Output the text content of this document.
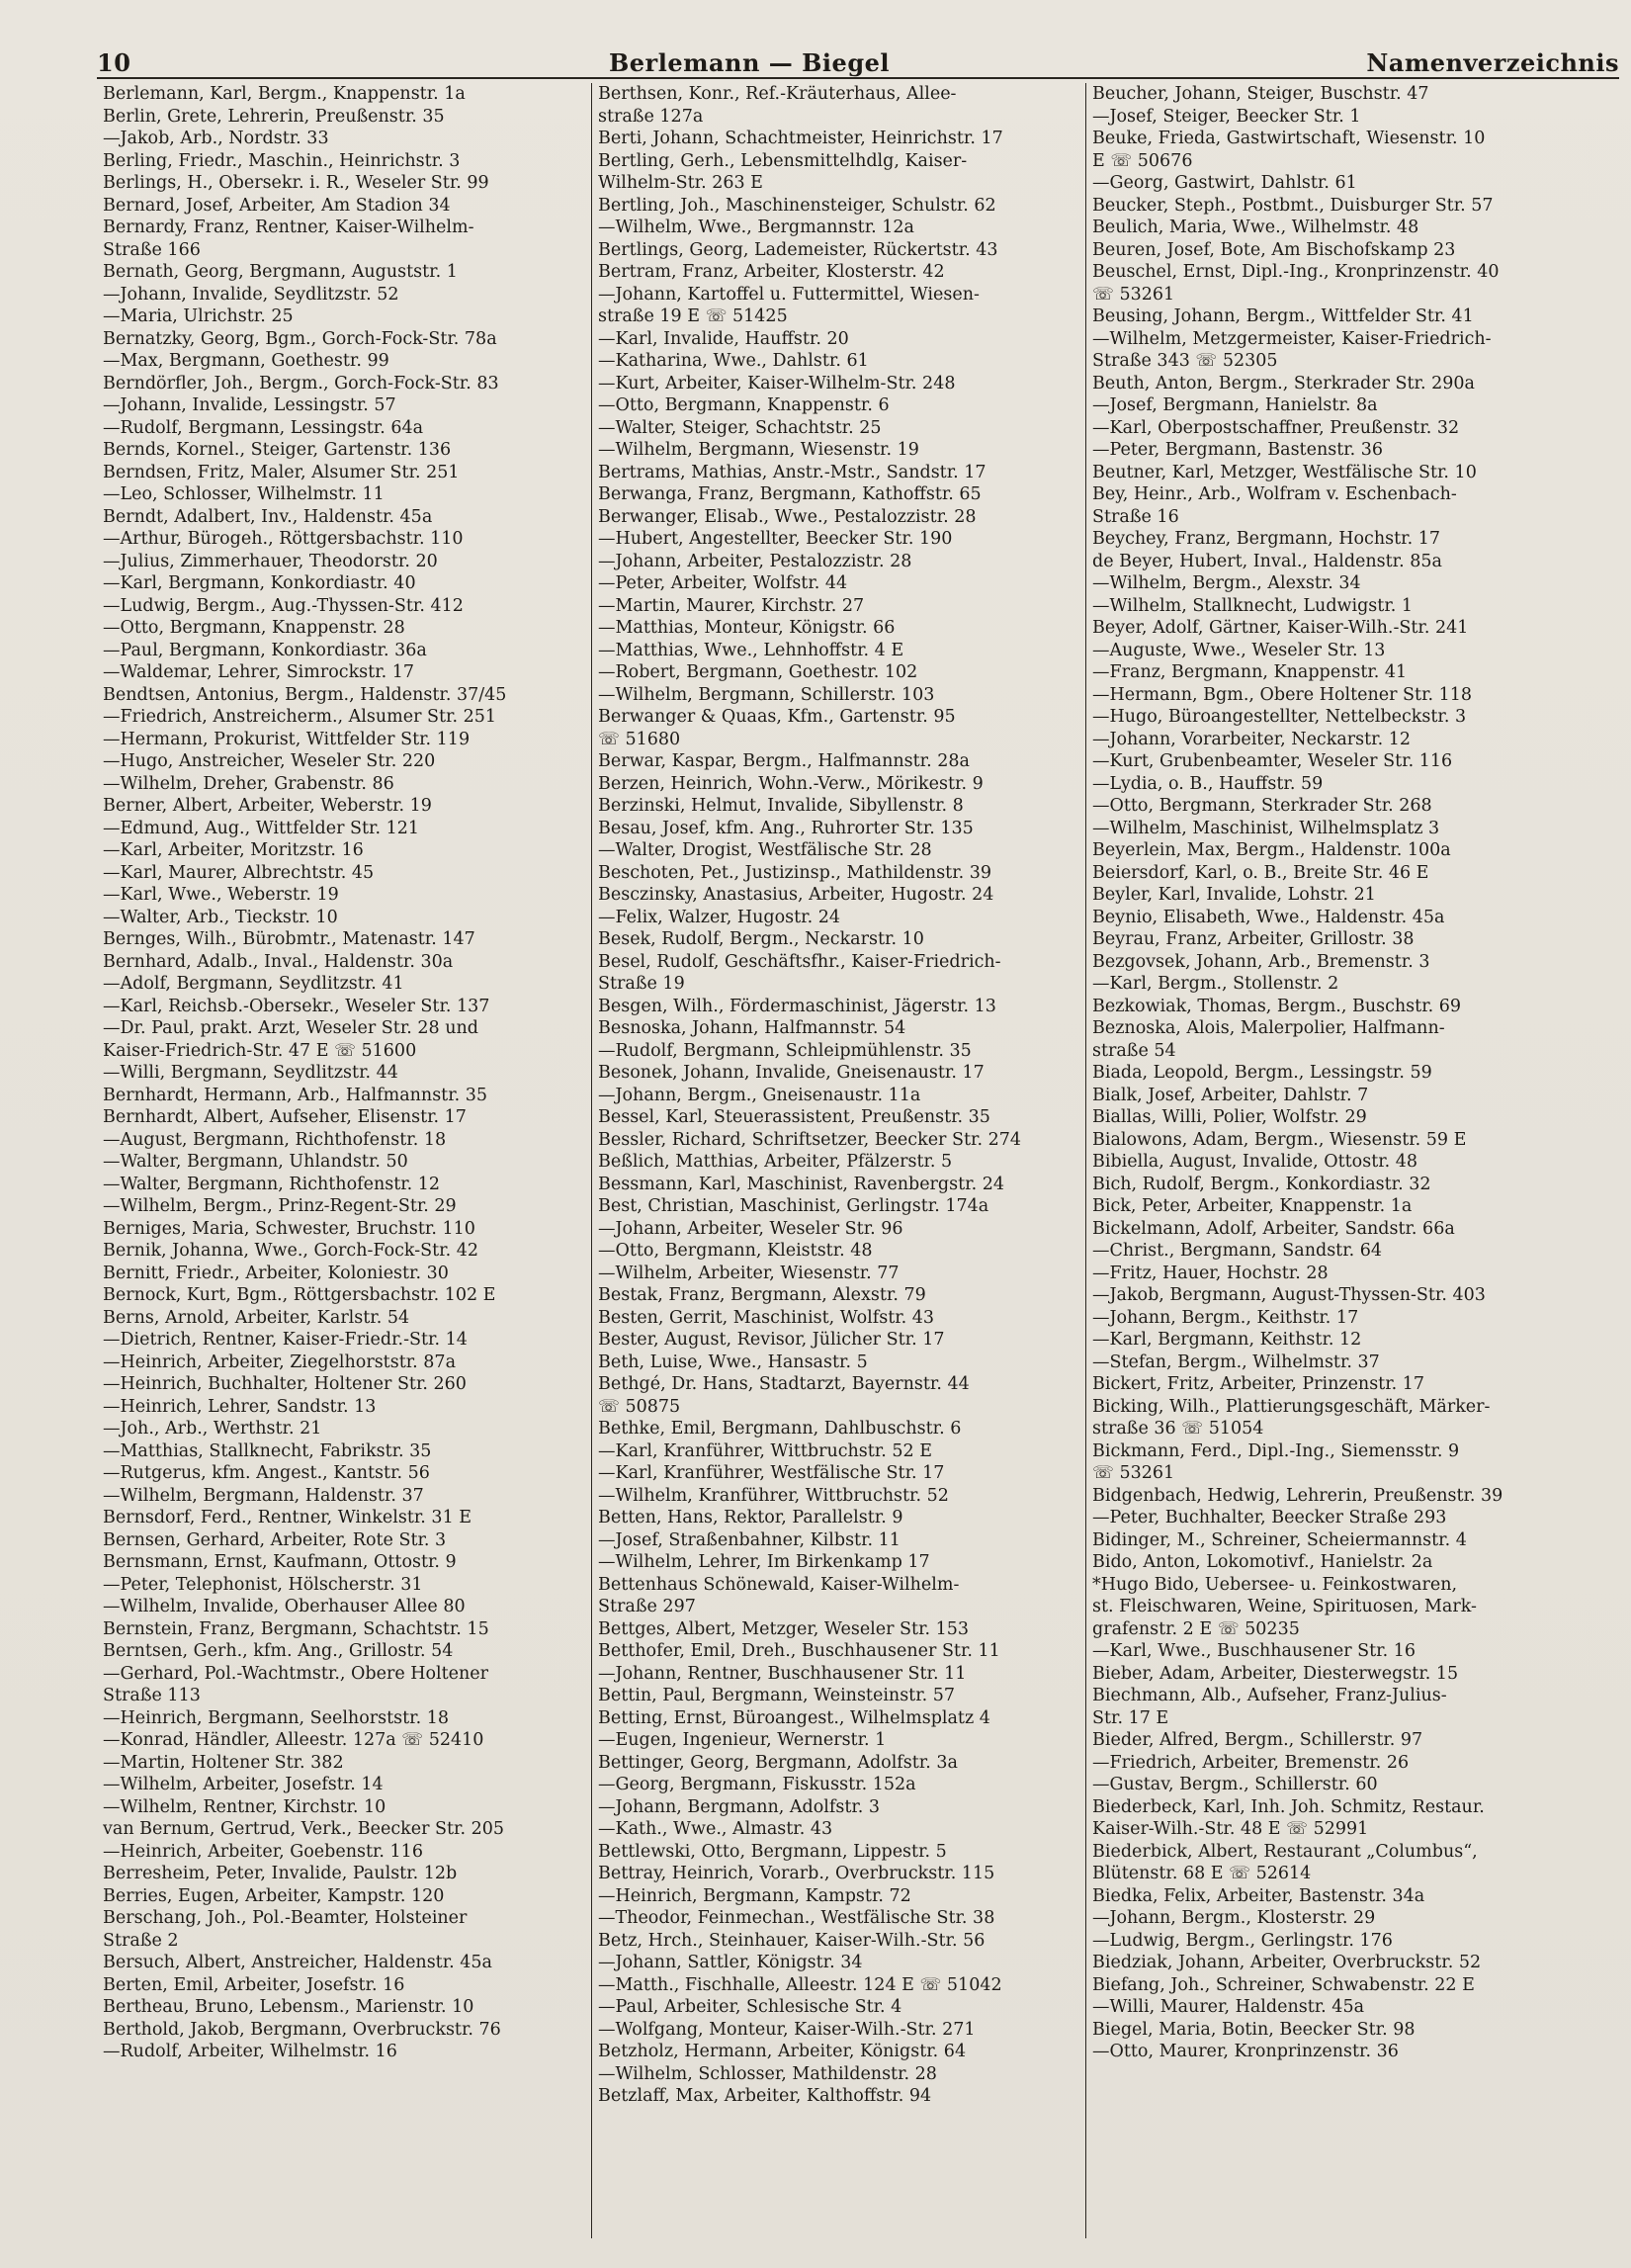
10	Berlemann — Biegel	Namenverzeichnis
Berlemann, Karl, Bergm., Knappenstr. 1a
Berlin, Grete, Lehrerin, Preußenstr. 35
—Jakob, Arb., Nordstr. 33
Berling, Friedr., Maschin., Heinrichstr. 3
Berlings, H., Obersekr. i. R., Weseler Str. 99
Bernard, Josef, Arbeiter, Am Stadion 34
Bernardy, Franz, Rentner, Kaiser-Wilhelm-
Straße 166
Bernath, Georg, Bergmann, Auguststr. 1
—Johann, Invalide, Seydlitzstr. 52
—Maria, Ulrichstr. 25
Bernatzky, Georg, Bgm., Gorch-Fock-Str. 78a
—Max, Bergmann, Goethestr. 99
Berndörfler, Joh., Bergm., Gorch-Fock-Str. 83
—Johann, Invalide, Lessingstr. 57
—Rudolf, Bergmann, Lessingstr. 64a
Bernds, Kornel., Steiger, Gartenstr. 136
Berndsen, Fritz, Maler, Alsumer Str. 251
—Leo, Schlosser, Wilhelmstr. 11
Berndt, Adalbert, Inv., Haldenstr. 45a
—Arthur, Bürogeh., Röttgersbachstr. 110
—Julius, Zimmerhauer, Theodorstr. 20
—Karl, Bergmann, Konkordiastr. 40
—Ludwig, Bergm., Aug.-Thyssen-Str. 412
—Otto, Bergmann, Knappenstr. 28
—Paul, Bergmann, Konkordiastr. 36a
—Waldemar, Lehrer, Simrockstr. 17
Bendtsen, Antonius, Bergm., Haldenstr. 37/45
—Friedrich, Anstreicherm., Alsumer Str. 251
—Hermann, Prokurist, Wittfelder Str. 119
—Hugo, Anstreicher, Weseler Str. 220
—Wilhelm, Dreher, Grabenstr. 86
Berner, Albert, Arbeiter, Weberstr. 19
—Edmund, Aug., Wittfelder Str. 121
—Karl, Arbeiter, Moritzstr. 16
—Karl, Maurer, Albrechtstr. 45
—Karl, Wwe., Weberstr. 19
—Walter, Arb., Tieckstr. 10
Bernges, Wilh., Bürobmtr., Matenastr. 147
Bernhard, Adalb., Inval., Haldenstr. 30a
—Adolf, Bergmann, Seydlitzstr. 41
—Karl, Reichsb.-Obersekr., Weseler Str. 137
—Dr. Paul, prakt. Arzt, Weseler Str. 28 und
Kaiser-Friedrich-Str. 47 E ☏ 51600
—Willi, Bergmann, Seydlitzstr. 44
Bernhardt, Hermann, Arb., Halfmannstr. 35
Bernhardt, Albert, Aufseher, Elisenstr. 17
—August, Bergmann, Richthofenstr. 18
—Walter, Bergmann, Uhlandstr. 50
—Walter, Bergmann, Richthofenstr. 12
—Wilhelm, Bergm., Prinz-Regent-Str. 29
Berniges, Maria, Schwester, Bruchstr. 110
Bernik, Johanna, Wwe., Gorch-Fock-Str. 42
Bernitt, Friedr., Arbeiter, Koloniestr. 30
Bernock, Kurt, Bgm., Röttgersbachstr. 102 E
Berns, Arnold, Arbeiter, Karlstr. 54
—Dietrich, Rentner, Kaiser-Friedr.-Str. 14
—Heinrich, Arbeiter, Ziegelhorststr. 87a
—Heinrich, Buchhalter, Holtener Str. 260
—Heinrich, Lehrer, Sandstr. 13
—Joh., Arb., Werthstr. 21
—Matthias, Stallknecht, Fabrikstr. 35
—Rutgerus, kfm. Angest., Kantstr. 56
—Wilhelm, Bergmann, Haldenstr. 37
Bernsdorf, Ferd., Rentner, Winkelstr. 31 E
Bernsen, Gerhard, Arbeiter, Rote Str. 3
Bernsmann, Ernst, Kaufmann, Ottostr. 9
—Peter, Telephonist, Hölscherstr. 31
—Wilhelm, Invalide, Oberhauser Allee 80
Bernstein, Franz, Bergmann, Schachtstr. 15
Berntsen, Gerh., kfm. Ang., Grillostr. 54
—Gerhard, Pol.-Wachtmstr., Obere Holtener
Straße 113
—Heinrich, Bergmann, Seelhorststr. 18
—Konrad, Händler, Alleestr. 127a ☏ 52410
—Martin, Holtener Str. 382
—Wilhelm, Arbeiter, Josefstr. 14
—Wilhelm, Rentner, Kirchstr. 10
van Bernum, Gertrud, Verk., Beecker Str. 205
—Heinrich, Arbeiter, Goebenstr. 116
Berresheim, Peter, Invalide, Paulstr. 12b
Berries, Eugen, Arbeiter, Kampstr. 120
Berschang, Joh., Pol.-Beamter, Holsteiner
Straße 2
Bersuch, Albert, Anstreicher, Haldenstr. 45a
Berten, Emil, Arbeiter, Josefstr. 16
Bertheau, Bruno, Lebensm., Marienstr. 10
Berthold, Jakob, Bergmann, Overbruckstr. 76
—Rudolf, Arbeiter, Wilhelmstr. 16
Berthsen, Konr., Ref.-Kräuterhaus, Allee-
straße 127a
Berti, Johann, Schachtmeister, Heinrichstr. 17
Bertling, Gerh., Lebensmittelhdlg, Kaiser-
Wilhelm-Str. 263 E
Bertling, Joh., Maschinensteiger, Schulstr. 62
—Wilhelm, Wwe., Bergmannstr. 12a
Bertlings, Georg, Lademeister, Rückertstr. 43
Bertram, Franz, Arbeiter, Klosterstr. 42
—Johann, Kartoffel u. Futtermittel, Wiesen-
straße 19 E ☏ 51425
—Karl, Invalide, Hauffstr. 20
—Katharina, Wwe., Dahlstr. 61
—Kurt, Arbeiter, Kaiser-Wilhelm-Str. 248
—Otto, Bergmann, Knappenstr. 6
—Walter, Steiger, Schachtstr. 25
—Wilhelm, Bergmann, Wiesenstr. 19
Bertrams, Mathias, Anstr.-Mstr., Sandstr. 17
Berwanga, Franz, Bergmann, Kathoffstr. 65
Berwanger, Elisab., Wwe., Pestalozzistr. 28
—Hubert, Angestellter, Beecker Str. 190
—Johann, Arbeiter, Pestalozzistr. 28
—Peter, Arbeiter, Wolfstr. 44
—Martin, Maurer, Kirchstr. 27
—Matthias, Monteur, Königstr. 66
—Matthias, Wwe., Lehnhoffstr. 4 E
—Robert, Bergmann, Goethestr. 102
—Wilhelm, Bergmann, Schillerstr. 103
Berwanger & Quaas, Kfm., Gartenstr. 95
☏ 51680
Berwar, Kaspar, Bergm., Halfmannstr. 28a
Berzen, Heinrich, Wohn.-Verw., Mörikestr. 9
Berzinski, Helmut, Invalide, Sibyllenstr. 8
Besau, Josef, kfm. Ang., Ruhrorter Str. 135
—Walter, Drogist, Westfälische Str. 28
Beschoten, Pet., Justizinsp., Mathildenstr. 39
Besczinsky, Anastasius, Arbeiter, Hugostr. 24
—Felix, Walzer, Hugostr. 24
Besek, Rudolf, Bergm., Neckarstr. 10
Besel, Rudolf, Geschäftsfhr., Kaiser-Friedrich-
Straße 19
Besgen, Wilh., Fördermaschinist, Jägerstr. 13
Besnoska, Johann, Halfmannstr. 54
—Rudolf, Bergmann, Schleipmühlenstr. 35
Besonek, Johann, Invalide, Gneisenaustr. 17
—Johann, Bergm., Gneisenaustr. 11a
Bessel, Karl, Steuerassistent, Preußenstr. 35
Bessler, Richard, Schriftsetzer, Beecker Str. 274
Beßlich, Matthias, Arbeiter, Pfälzerstr. 5
Bessmann, Karl, Maschinist, Ravenbergstr. 24
Best, Christian, Maschinist, Gerlingstr. 174a
—Johann, Arbeiter, Weseler Str. 96
—Otto, Bergmann, Kleiststr. 48
—Wilhelm, Arbeiter, Wiesenstr. 77
Bestak, Franz, Bergmann, Alexstr. 79
Besten, Gerrit, Maschinist, Wolfstr. 43
Bester, August, Revisor, Jülicher Str. 17
Beth, Luise, Wwe., Hansastr. 5
Bethgé, Dr. Hans, Stadtarzt, Bayernstr. 44
☏ 50875
Bethke, Emil, Bergmann, Dahlbuschstr. 6
—Karl, Kranführer, Wittbruchstr. 52 E
—Karl, Kranführer, Westfälische Str. 17
—Wilhelm, Kranführer, Wittbruchstr. 52
Betten, Hans, Rektor, Parallelstr. 9
—Josef, Straßenbahner, Kilbstr. 11
—Wilhelm, Lehrer, Im Birkenkamp 17
Bettenhaus Schönewald, Kaiser-Wilhelm-
Straße 297
Bettges, Albert, Metzger, Weseler Str. 153
Betthofer, Emil, Dreh., Buschhausener Str. 11
—Johann, Rentner, Buschhausener Str. 11
Bettin, Paul, Bergmann, Weinsteinstr. 57
Betting, Ernst, Büroangest., Wilhelmsplatz 4
—Eugen, Ingenieur, Wernerstr. 1
Bettinger, Georg, Bergmann, Adolfstr. 3a
—Georg, Bergmann, Fiskusstr. 152a
—Johann, Bergmann, Adolfstr. 3
—Kath., Wwe., Almastr. 43
Bettlewski, Otto, Bergmann, Lippestr. 5
Bettray, Heinrich, Vorarb., Overbruckstr. 115
—Heinrich, Bergmann, Kampstr. 72
—Theodor, Feinmechan., Westfälische Str. 38
Betz, Hrch., Steinhauer, Kaiser-Wilh.-Str. 56
—Johann, Sattler, Königstr. 34
—Matth., Fischhalle, Alleestr. 124 E ☏ 51042
—Paul, Arbeiter, Schlesische Str. 4
—Wolfgang, Monteur, Kaiser-Wilh.-Str. 271
Betzholz, Hermann, Arbeiter, Königstr. 64
—Wilhelm, Schlosser, Mathildenstr. 28
Betzlaff, Max, Arbeiter, Kalthoffstr. 94
Beucher, Johann, Steiger, Buschstr. 47
—Josef, Steiger, Beecker Str. 1
Beuke, Frieda, Gastwirtschaft, Wiesenstr. 10
E ☏ 50676
—Georg, Gastwirt, Dahlstr. 61
Beucker, Steph., Postbmt., Duisburger Str. 57
Beulich, Maria, Wwe., Wilhelmstr. 48
Beuren, Josef, Bote, Am Bischofskamp 23
Beuschel, Ernst, Dipl.-Ing., Kronprinzenstr. 40
☏ 53261
Beusing, Johann, Bergm., Wittfelder Str. 41
—Wilhelm, Metzgermeister, Kaiser-Friedrich-
Straße 343 ☏ 52305
Beuth, Anton, Bergm., Sterkrader Str. 290a
—Josef, Bergmann, Hanielstr. 8a
—Karl, Oberpostschaffner, Preußenstr. 32
—Peter, Bergmann, Bastenstr. 36
Beutner, Karl, Metzger, Westfälische Str. 10
Bey, Heinr., Arb., Wolfram v. Eschenbach-
Straße 16
Beychey, Franz, Bergmann, Hochstr. 17
de Beyer, Hubert, Inval., Haldenstr. 85a
—Wilhelm, Bergm., Alexstr. 34
—Wilhelm, Stallknecht, Ludwigstr. 1
Beyer, Adolf, Gärtner, Kaiser-Wilh.-Str. 241
—Auguste, Wwe., Weseler Str. 13
—Franz, Bergmann, Knappenstr. 41
—Hermann, Bgm., Obere Holtener Str. 118
—Hugo, Büroangestellter, Nettelbeckstr. 3
—Johann, Vorarbeiter, Neckarstr. 12
—Kurt, Grubenbeamter, Weseler Str. 116
—Lydia, o. B., Hauffstr. 59
—Otto, Bergmann, Sterkrader Str. 268
—Wilhelm, Maschinist, Wilhelmsplatz 3
Beyerlein, Max, Bergm., Haldenstr. 100a
Beiersdorf, Karl, o. B., Breite Str. 46 E
Beyler, Karl, Invalide, Lohstr. 21
Beynio, Elisabeth, Wwe., Haldenstr. 45a
Beyrau, Franz, Arbeiter, Grillostr. 38
Bezgovsek, Johann, Arb., Bremenstr. 3
—Karl, Bergm., Stollenstr. 2
Bezkowiak, Thomas, Bergm., Buschstr. 69
Beznoska, Alois, Malerpolier, Halfmann-
straße 54
Biada, Leopold, Bergm., Lessingstr. 59
Bialk, Josef, Arbeiter, Dahlstr. 7
Biallas, Willi, Polier, Wolfstr. 29
Bialowons, Adam, Bergm., Wiesenstr. 59 E
Bibiella, August, Invalide, Ottostr. 48
Bich, Rudolf, Bergm., Konkordiastr. 32
Bick, Peter, Arbeiter, Knappenstr. 1a
Bickelmann, Adolf, Arbeiter, Sandstr. 66a
—Christ., Bergmann, Sandstr. 64
—Fritz, Hauer, Hochstr. 28
—Jakob, Bergmann, August-Thyssen-Str. 403
—Johann, Bergm., Keithstr. 17
—Karl, Bergmann, Keithstr. 12
—Stefan, Bergm., Wilhelmstr. 37
Bickert, Fritz, Arbeiter, Prinzenstr. 17
Bicking, Wilh., Plattierungsgeschäft, Märker-
straße 36 ☏ 51054
Bickmann, Ferd., Dipl.-Ing., Siemensstr. 9
☏ 53261
Bidgenbach, Hedwig, Lehrerin, Preußenstr. 39
—Peter, Buchhalter, Beecker Straße 293
Bidinger, M., Schreiner, Scheiermannstr. 4
Bido, Anton, Lokomotivf., Hanielstr. 2a
*Hugo Bido, Uebersee- u. Feinkostwaren,
st. Fleischwaren, Weine, Spirituosen, Mark-
grafenstr. 2 E ☏ 50235
—Karl, Wwe., Buschhausener Str. 16
Bieber, Adam, Arbeiter, Diesterwegstr. 15
Biechmann, Alb., Aufseher, Franz-Julius-
Str. 17 E
Bieder, Alfred, Bergm., Schillerstr. 97
—Friedrich, Arbeiter, Bremenstr. 26
—Gustav, Bergm., Schillerstr. 60
Biederbeck, Karl, Inh. Joh. Schmitz, Restaur.
Kaiser-Wilh.-Str. 48 E ☏ 52991
Biederbick, Albert, Restaurant „Columbus“,
Blütenstr. 68 E ☏ 52614
Biedka, Felix, Arbeiter, Bastenstr. 34a
—Johann, Bergm., Klosterstr. 29
—Ludwig, Bergm., Gerlingstr. 176
Biedziak, Johann, Arbeiter, Overbruckstr. 52
Biefang, Joh., Schreiner, Schwabenstr. 22 E
—Willi, Maurer, Haldenstr. 45a
Biegel, Maria, Botin, Beecker Str. 98
—Otto, Maurer, Kronprinzenstr. 36
